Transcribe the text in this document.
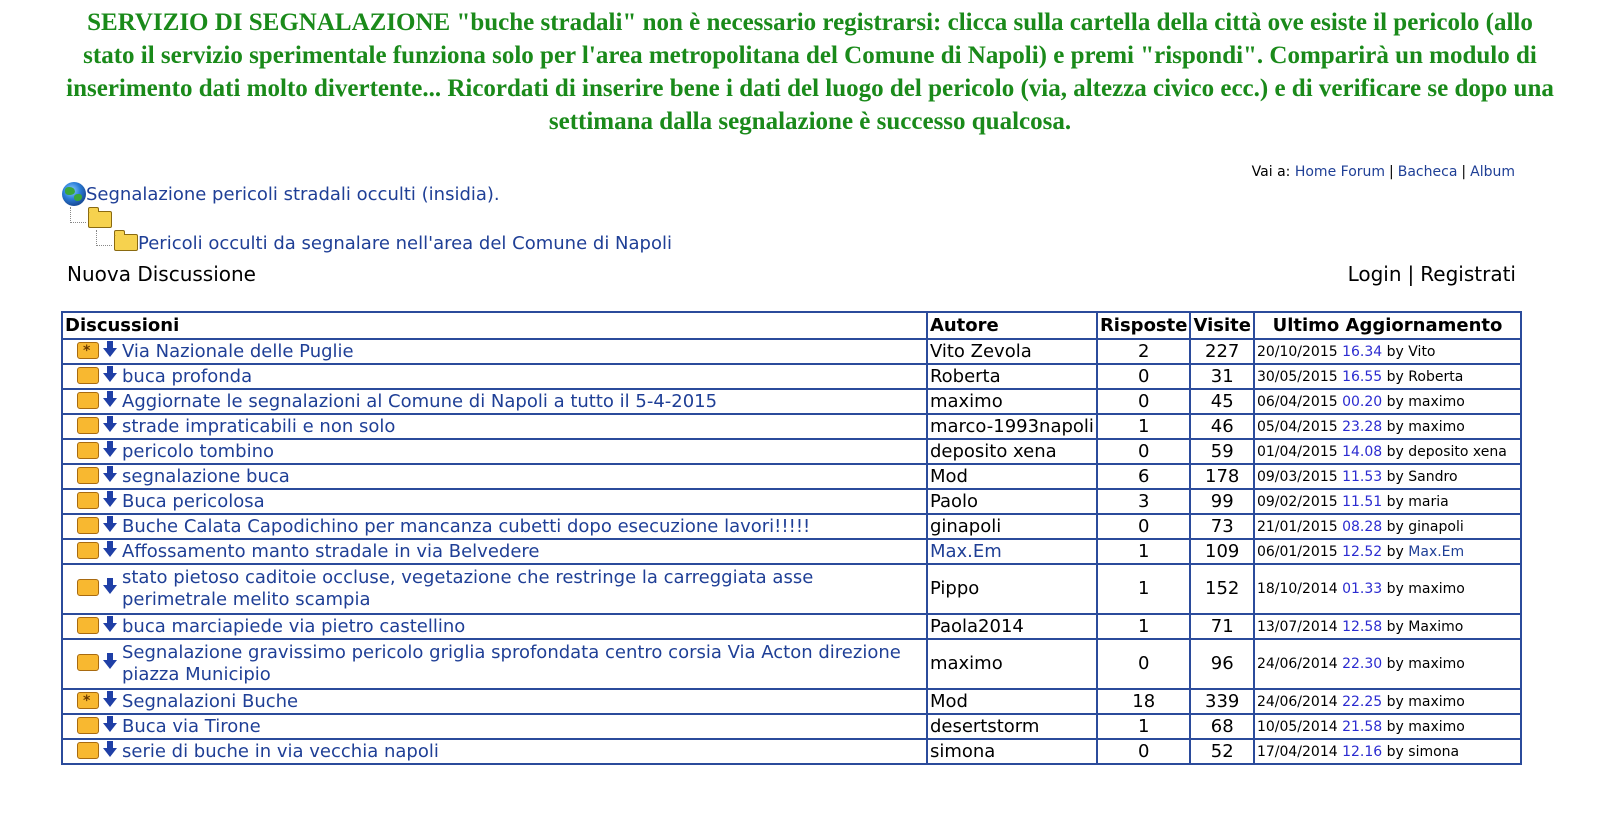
SERVIZIO DI SEGNALAZIONE "buche stradali" non è necessario registrarsi: clicca sulla cartella della città ove esiste il pericolo (allo stato il servizio sperimentale funziona solo per l'area metropolitana del Comune di Napoli) e premi "rispondi". Comparirà un modulo di inserimento dati molto divertente... Ricordati di inserire bene i dati del luogo del pericolo (via, altezza civico ecc.) e di verificare se dopo una settimana dalla segnalazione è successo qualcosa.
Vai a: Home Forum | Bacheca | Album
Segnalazione pericoli stradali occulti (insidia).
Pericoli occulti da segnalare nell'area del Comune di Napoli
Nuova Discussione	Login | Registrati
Discussioni	Autore	Risposte	Visite	Ultimo Aggiornamento
*Via Nazionale delle Puglie	Vito Zevola	2	227	20/10/2015 16.34 by Vito
buca profonda	Roberta	0	31	30/05/2015 16.55 by Roberta
Aggiornate le segnalazioni al Comune di Napoli a tutto il 5-4-2015	maximo	0	45	06/04/2015 00.20 by maximo
strade impraticabili e non solo	marco-1993napoli	1	46	05/04/2015 23.28 by maximo
pericolo tombino	deposito xena	0	59	01/04/2015 14.08 by deposito xena
segnalazione buca	Mod	6	178	09/03/2015 11.53 by Sandro
Buca pericolosa	Paolo	3	99	09/02/2015 11.51 by maria
Buche Calata Capodichino per mancanza cubetti dopo esecuzione lavori!!!!!	ginapoli	0	73	21/01/2015 08.28 by ginapoli
Affossamento manto stradale in via Belvedere	Max.Em	1	109	06/01/2015 12.52 by Max.Em
stato pietoso caditoie occluse, vegetazione che restringe la carreggiata asse perimetrale melito scampia	Pippo	1	152	18/10/2014 01.33 by maximo
buca marciapiede via pietro castellino	Paola2014	1	71	13/07/2014 12.58 by Maximo
Segnalazione gravissimo pericolo griglia sprofondata centro corsia Via Acton direzione piazza Municipio	maximo	0	96	24/06/2014 22.30 by maximo
*Segnalazioni Buche	Mod	18	339	24/06/2014 22.25 by maximo
Buca via Tirone	desertstorm	1	68	10/05/2014 21.58 by maximo
serie di buche in via vecchia napoli	simona	0	52	17/04/2014 12.16 by simona
